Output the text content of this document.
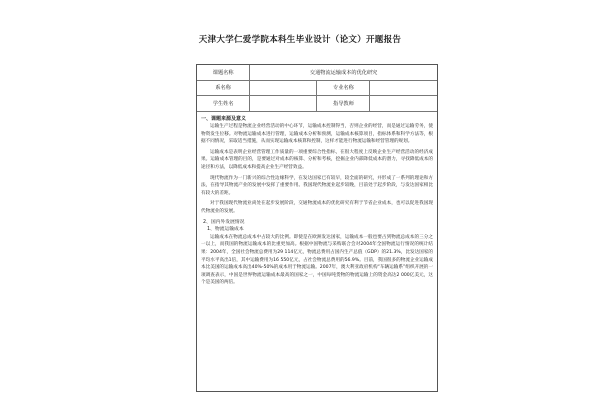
天津大学仁爱学院本科生毕业设计（论文）开题报告
课题名称	交通物流运输成本的优化研究		
系名称		专业名称	
学生姓名		指导教师	
一、课题来源及意义

运输生产过程是物流企业经营活动的中心环节，运输成本控制得当，否则企业的经营，而是通过运输劳务，使物资发生位移。对物流运输成本进行管理，运输成本分析和预测，运输成本核算项目，指标体系和科学方法等，根据不同情况，采取适当措施，从而实现运输成本核算和控制，这样才能进行物流运输和经营管理的规划。

运输成本是表明企业经营管理工作质量的一项重要综合性指标，在很大程度上反映企业生产经营活动的经济成果。运输成本管理的目的，是要通过对成本的核算、分析和考核，挖掘企业内部降低成本的潜力，寻找降低成本的途径和方法，以降低成本和提高企业生产经营效益。

现代物流作为一门新兴的综合性边缘科学，在发达国家已有较早，较全面的研究，并形成了一系列的理论和方法，在指导其物流产业的发展中发挥了重要作用。我国现代物流业起步较晚，目前处于起步阶段，与发达国家相比有较大的差距。

对于我国现代物流业尚处在起步发展阶段，交通物流成本的优化研究有利于节省企业成本，也可以促进我国现代物流业的发展。

2、国内外发展情况
1、物流运输成本

运输成本在物流总成本中占较大的比例。即使是在欧洲发达国家，运输成本一般也要占到物流总成本的三分之一以上，而我国的物流运输成本的比重更加高。根据中国物流与采购联合会对2004年全国物流运行情况的统计结果：2004年，全国社会物流总费用为29 114亿元，物流总费用占国内生产总值（GDP）的21.3%，比发达国家的平均水平高出1倍，其中运输费用为16 550亿元，占社会物流总费用的56.9%。目前，我国很多的物流企业运输成本比美国的运输成本高出40%-50%的成本用于物流运输。2007年，澳大利亚政府机构“车辆运输系”组织开展的一项调查表示，中国是世界物流运输成本最高的国家之一，中国每吨货物的物流运输上的资金高达2 000亿美元，这个是美国的两倍。
